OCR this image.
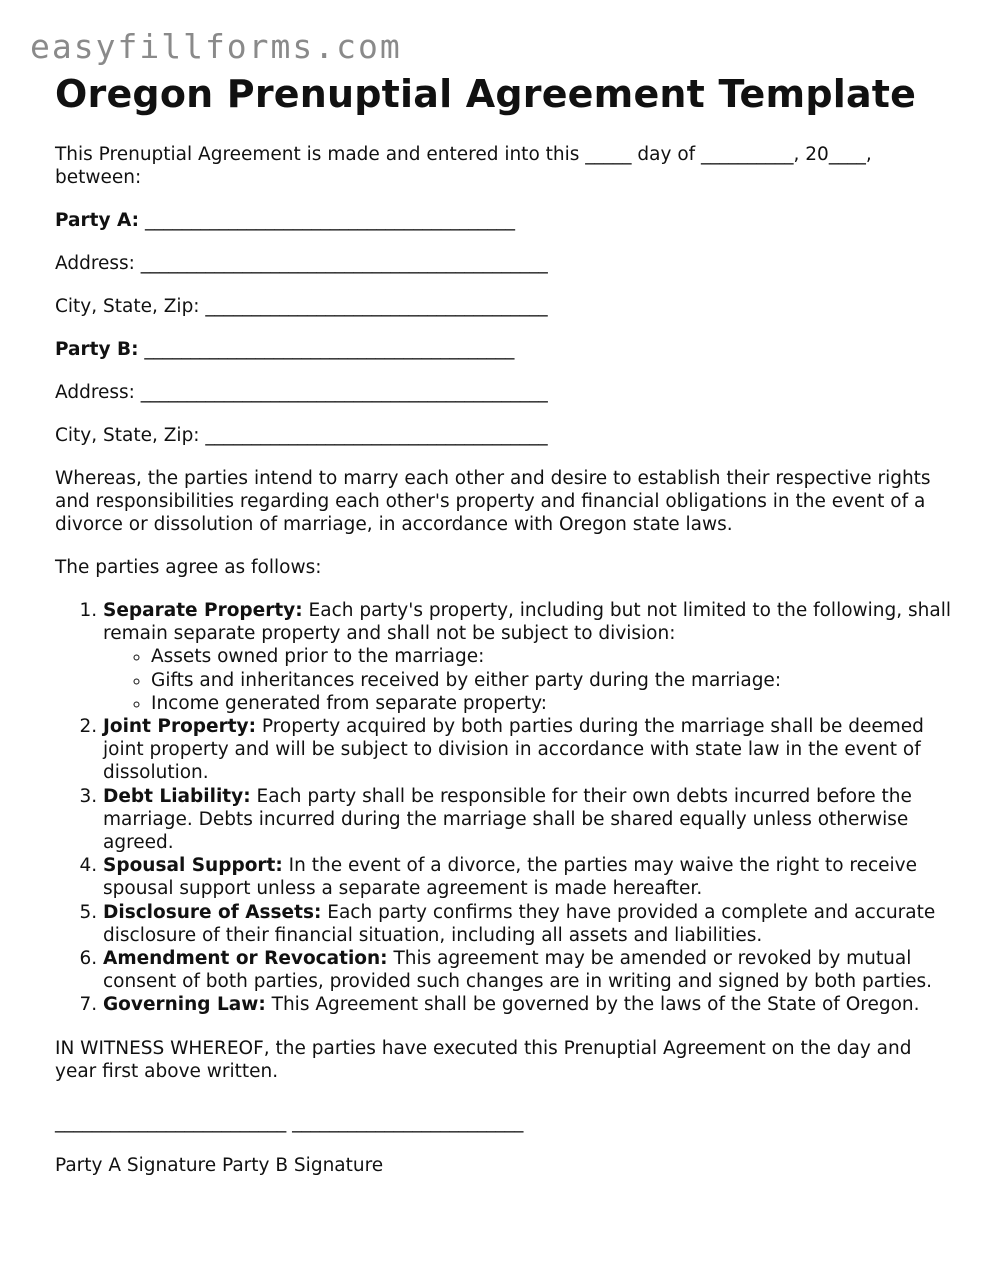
easyfillforms.com
Oregon Prenuptial Agreement Template

This Prenuptial Agreement is made and entered into this _____ day of __________, 20____, between:

Party A: ________________________________________

Address: ____________________________________________

City, State, Zip: _____________________________________

Party B: ________________________________________

Address: ____________________________________________

City, State, Zip: _____________________________________

Whereas, the parties intend to marry each other and desire to establish their respective rights and responsibilities regarding each other's property and financial obligations in the event of a divorce or dissolution of marriage, in accordance with Oregon state laws.

The parties agree as follows:

1. Separate Property: Each party's property, including but not limited to the following, shall remain separate property and shall not be subject to division:
◦ Assets owned prior to the marriage:
◦ Gifts and inheritances received by either party during the marriage:
◦ Income generated from separate property:
2. Joint Property: Property acquired by both parties during the marriage shall be deemed joint property and will be subject to division in accordance with state law in the event of dissolution.
3. Debt Liability: Each party shall be responsible for their own debts incurred before the marriage. Debts incurred during the marriage shall be shared equally unless otherwise agreed.
4. Spousal Support: In the event of a divorce, the parties may waive the right to receive spousal support unless a separate agreement is made hereafter.
5. Disclosure of Assets: Each party confirms they have provided a complete and accurate disclosure of their financial situation, including all assets and liabilities.
6. Amendment or Revocation: This agreement may be amended or revoked by mutual consent of both parties, provided such changes are in writing and signed by both parties.
7. Governing Law: This Agreement shall be governed by the laws of the State of Oregon.

IN WITNESS WHEREOF, the parties have executed this Prenuptial Agreement on the day and year first above written.

_________________________ _________________________

Party A Signature Party B Signature
